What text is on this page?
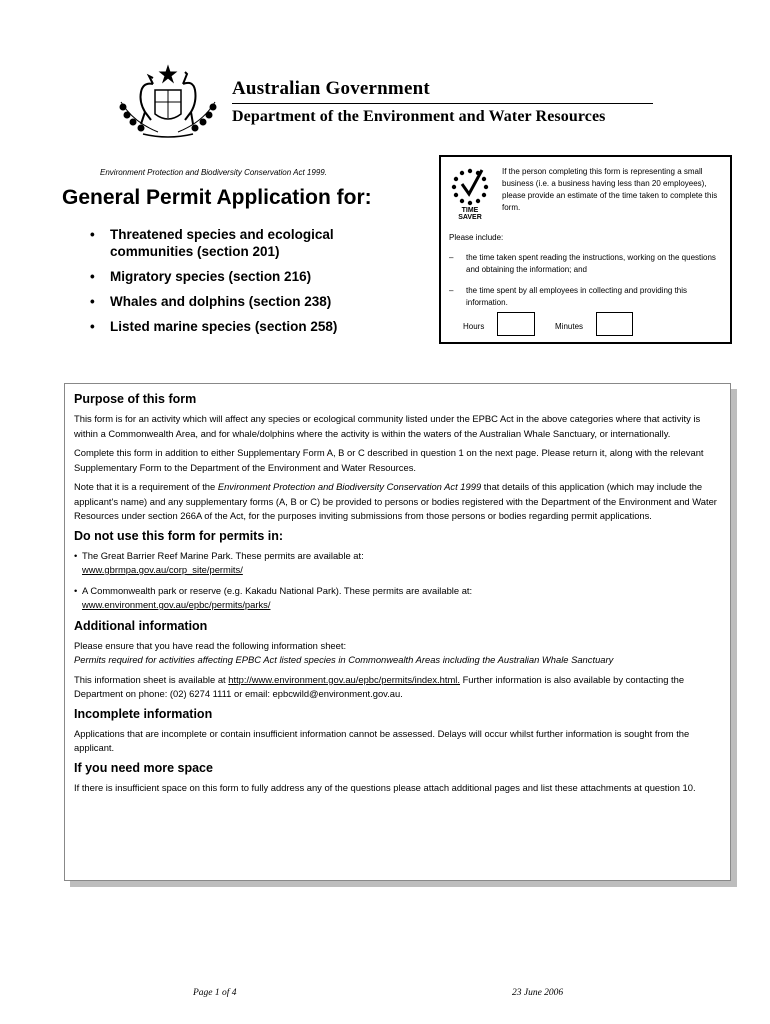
Australian Government
Department of the Environment and Water Resources
Environment Protection and Biodiversity Conservation Act 1999.
General Permit Application for:
• Threatened species and ecological communities (section 201)
• Migratory species (section 216)
• Whales and dolphins (section 238)
• Listed marine species (section 258)
TIME
SAVER
If the person completing this form is representing a small business (i.e. a business having less than 20 employees), please provide an estimate of the time taken to complete this form.
Please include:
–	the time taken spent reading the instructions, working on the questions and obtaining the information; and
–	the time spent by all employees in collecting and providing this information.
Hours	Minutes
Purpose of this form

This form is for an activity which will affect any species or ecological community listed under the EPBC Act in the above categories where that activity is within a Commonwealth Area, and for whale/dolphins where the activity is within the waters of the Australian Whale Sanctuary, or internationally.

Complete this form in addition to either Supplementary Form A, B or C described in question 1 on the next page. Please return it, along with the relevant Supplementary Form to the Department of the Environment and Water Resources.

Note that it is a requirement of the Environment Protection and Biodiversity Conservation Act 1999 that details of this application (which may include the applicant's name) and any supplementary forms (A, B or C) be provided to persons or bodies registered with the Department of the Environment and Water Resources under section 266A of the Act, for the purposes inviting submissions from those persons or bodies regarding permit applications.

Do not use this form for permits in:
• The Great Barrier Reef Marine Park. These permits are available at:
www.gbrmpa.gov.au/corp_site/permits/
• A Commonwealth park or reserve (e.g. Kakadu National Park). These permits are available at:
www.environment.gov.au/epbc/permits/parks/
Additional information

Please ensure that you have read the following information sheet:
Permits required for activities affecting EPBC Act listed species in Commonwealth Areas including the Australian Whale Sanctuary

This information sheet is available at http://www.environment.gov.au/epbc/permits/index.html. Further information is also available by contacting the Department on phone: (02) 6274 1111 or email: epbcwild@environment.gov.au.

Incomplete information

Applications that are incomplete or contain insufficient information cannot be assessed. Delays will occur whilst further information is sought from the applicant.

If you need more space

If there is insufficient space on this form to fully address any of the questions please attach additional pages and list these attachments at question 10.

Page 1 of 4	23 June 2006
